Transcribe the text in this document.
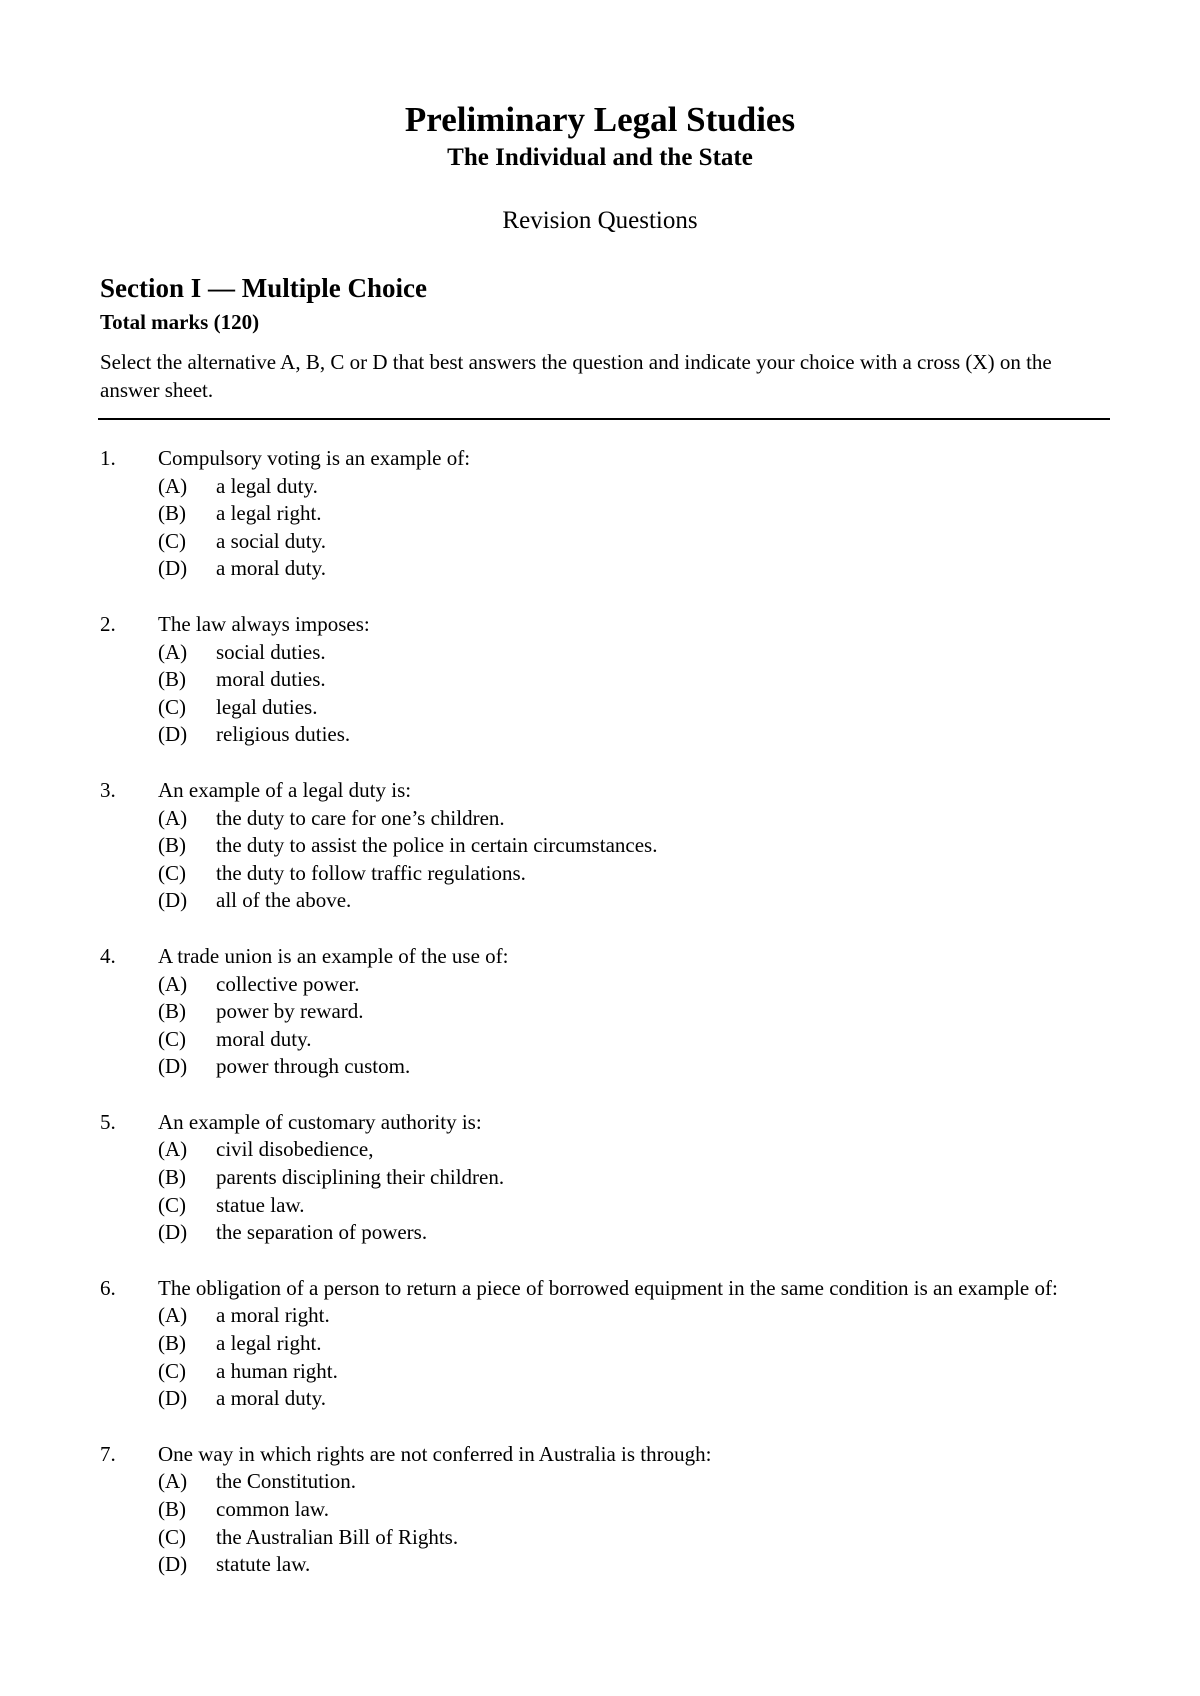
Preliminary Legal Studies
The Individual and the State
Revision Questions
Section I — Multiple Choice
Total marks (120)
Select the alternative A, B, C or D that best answers the question and indicate your choice with a cross (X) on the answer sheet.
1. Compulsory voting is an example of:
(A) a legal duty.
(B) a legal right.
(C) a social duty.
(D) a moral duty.
2. The law always imposes:
(A) social duties.
(B) moral duties.
(C) legal duties.
(D) religious duties.
3. An example of a legal duty is:
(A) the duty to care for one’s children.
(B) the duty to assist the police in certain circumstances.
(C) the duty to follow traffic regulations.
(D) all of the above.
4. A trade union is an example of the use of:
(A) collective power.
(B) power by reward.
(C) moral duty.
(D) power through custom.
5. An example of customary authority is:
(A) civil disobedience,
(B) parents disciplining their children.
(C) statue law.
(D) the separation of powers.
6. The obligation of a person to return a piece of borrowed equipment in the same condition is an example of:
(A) a moral right.
(B) a legal right.
(C) a human right.
(D) a moral duty.
7. One way in which rights are not conferred in Australia is through:
(A) the Constitution.
(B) common law.
(C) the Australian Bill of Rights.
(D) statute law.
